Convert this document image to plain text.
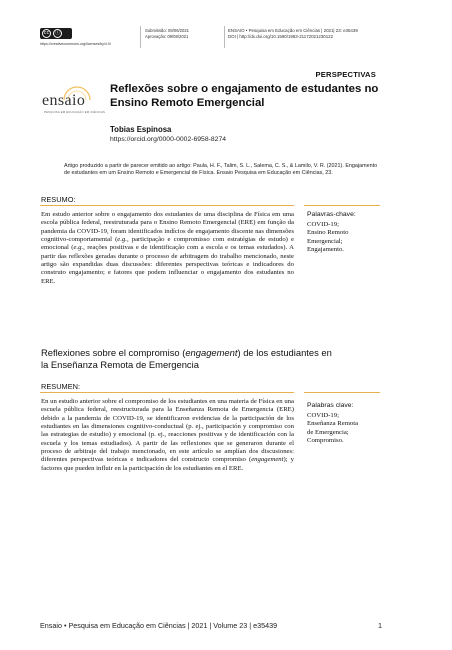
cc	ⓘ
https://creativecommons.org/licenses/by/4.0/
Submissão: 08/06/2021
Aprovação: 09/08/2021
ENSAIO • Pesquisa em Educação em Ciências | 2021| 23: e35439
DOI | http://dx.doi.org/10.1590/1983-21172021230122
PERSPECTIVAS
ensaio
PESQUISA EM EDUCAÇÃO EM CIÊNCIAS
Reflexões sobre o engajamento de estudantes no Ensino Remoto Emergencial
Tobias Espinosa
https://orcid.org/0000-0002-6958-8274
Artigo produzido a partir de parecer emitido ao artigo: Paula, H. F., Talim, S. L., Salema, C. S., & Lamilo, V. R. (2021). Engajamento de estudantes em um Ensino Remoto e Emergencial de Física. Ensaio Pesquisa em Educação em Ciências, 23.
RESUMO:
Em estudo anterior sobre o engajamento dos estudantes de uma disciplina de Física em uma escola pública federal, reestruturada para o Ensino Remoto Emergencial (ERE) em função da pandemia da COVID-19, foram identificados indícios de engajamento discente nas dimensões cognitivo-comportamental (e.g., participação e compromisso com estratégias de estudo) e emocional (e.g., reações positivas e de identificação com a escola e os temas estudados). A partir das reflexões geradas durante o processo de arbitragem do trabalho mencionado, neste artigo são expandidas duas discussões: diferentes perspectivas teóricas e indicadores do construto engajamento; e fatores que podem influenciar o engajamento dos estudantes no ERE.
Palavras-chave:
COVID-19;
Ensino Remoto
Emergencial;
Engajamento.
Reflexiones sobre el compromiso (engagement) de los estudiantes en la Enseñanza Remota de Emergencia
RESUMEN:
En un estudio anterior sobre el compromiso de los estudiantes en una materia de Física en una escuela pública federal, reestructurada para la Enseñanza Remota de Emergencia (ERE) debido a la pandemia de COVID-19, se identificaron evidencias de la participación de los estudiantes en las dimensiones cognitivo-conductual (p. ej., participación y compromiso con las estrategias de estudio) y emocional (p. ej., reacciones positivas y de identificación con la escuela y los temas estudiados). A partir de las reflexiones que se generaron durante el proceso de arbitraje del trabajo mencionado, en este artículo se amplían dos discusiones: diferentes perspectivas teóricas e indicadores del constructo compromiso (engagement); y factores que pueden influir en la participación de los estudiantes en el ERE.
Palabras clave:
COVID-19;
Enseñanza Remota
de Emergencia;
Compromiso.
Ensaio • Pesquisa em Educação em Ciências | 2021 | Volume 23 | e35439	1
